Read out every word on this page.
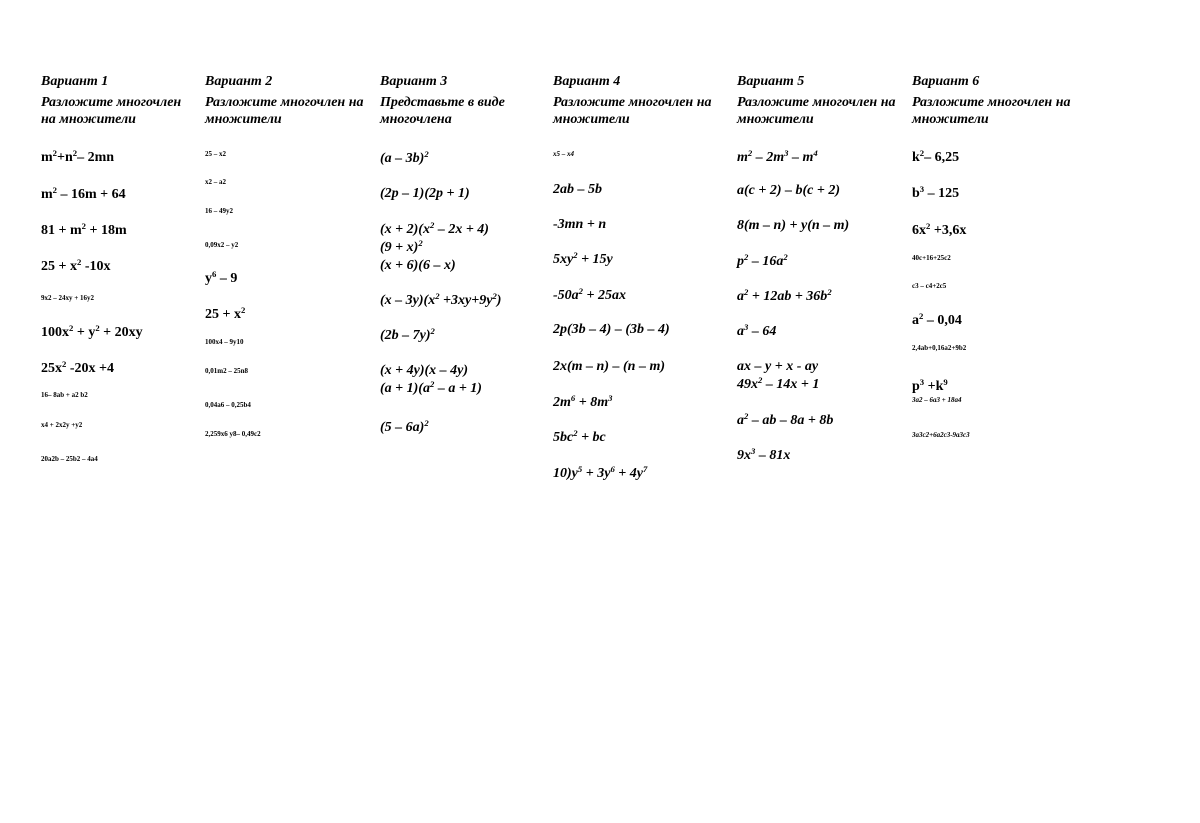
Вариант 1
Разложите многочлен
на множители
$m^2+n^2-$ 2mn
$m^2 - 16m + 64$
$81 + m^2 + 18m$
$25 + x^2$ -10x
9x2 – 24xy + 16y2
$100x^2 + y^2 + 20xy$
$25x^2$ -20x +4
16– 8ab + a2 b2
x4 + 2x2y +y2
20a2b – 25b2 – 4a4
Вариант 2
Разложите многочлен на
множители
25 – x2
x2 – a2
16 – 49y2
0,09x2 – y2
$y^6 - 9$
$25 + x^2$
100x4 – 9y10
0,01m2 – 25n8
0,04a6 – 0,25b4
2,259x6 y8– 0,49c2
Вариант 3
Представьте в виде
многочлена
(a – 3b)$^2$
(2p – 1)(2p + 1)
$(x + 2)(x^2 - 2x + 4)$
$(9 + x)^2$
(x + 6)(6 – x)
$(x - 3y)(x^2 +3xy+9y^2)$
(2b – 7y)$^2$
(x + 4y)(x – 4y)
$(a + 1)(a^2 - a + 1)$
(5 – 6a)$^2$
Вариант 4
Разложите многочлен на
множители
x5 – x4
2ab – 5b
-3mn + n
$5xy^2 + 15y$
$-50a^2 + 25ax$
2p(3b – 4) – (3b – 4)
2x(m – n) – (n – m)
$2m^6 + 8m^3$
$5bc^2$ + bc
$10)y^5 + 3y^6 + 4y^7$
Вариант 5
Разложите многочлен на
множители
$m^2 - 2m^3 - m^4$
a(c + 2) – b(c + 2)
8(m – n) + y(n – m)
$p^2 - 16a^2$
$a^2 + 12ab + 36b^2$
$a^3 - 64$
ax – y + x - ay
$49x^2 - 14x + 1$
$a^2$ – ab – 8a + 8b
$9x^3 - 81x$
Вариант 6
Разложите многочлен на
множители
$k^2-$ 6,25
$b^3 - 125$
$6x^2 +3,6x$
40c+16+25c2
c3 – c4+2c5
$a^2 - 0,04$
2,4ab+0,16a2+9b2
$p^3 +k^9$
3a2 – 6a3 + 18a4
3a3c2+6a2c3-9a3c3
